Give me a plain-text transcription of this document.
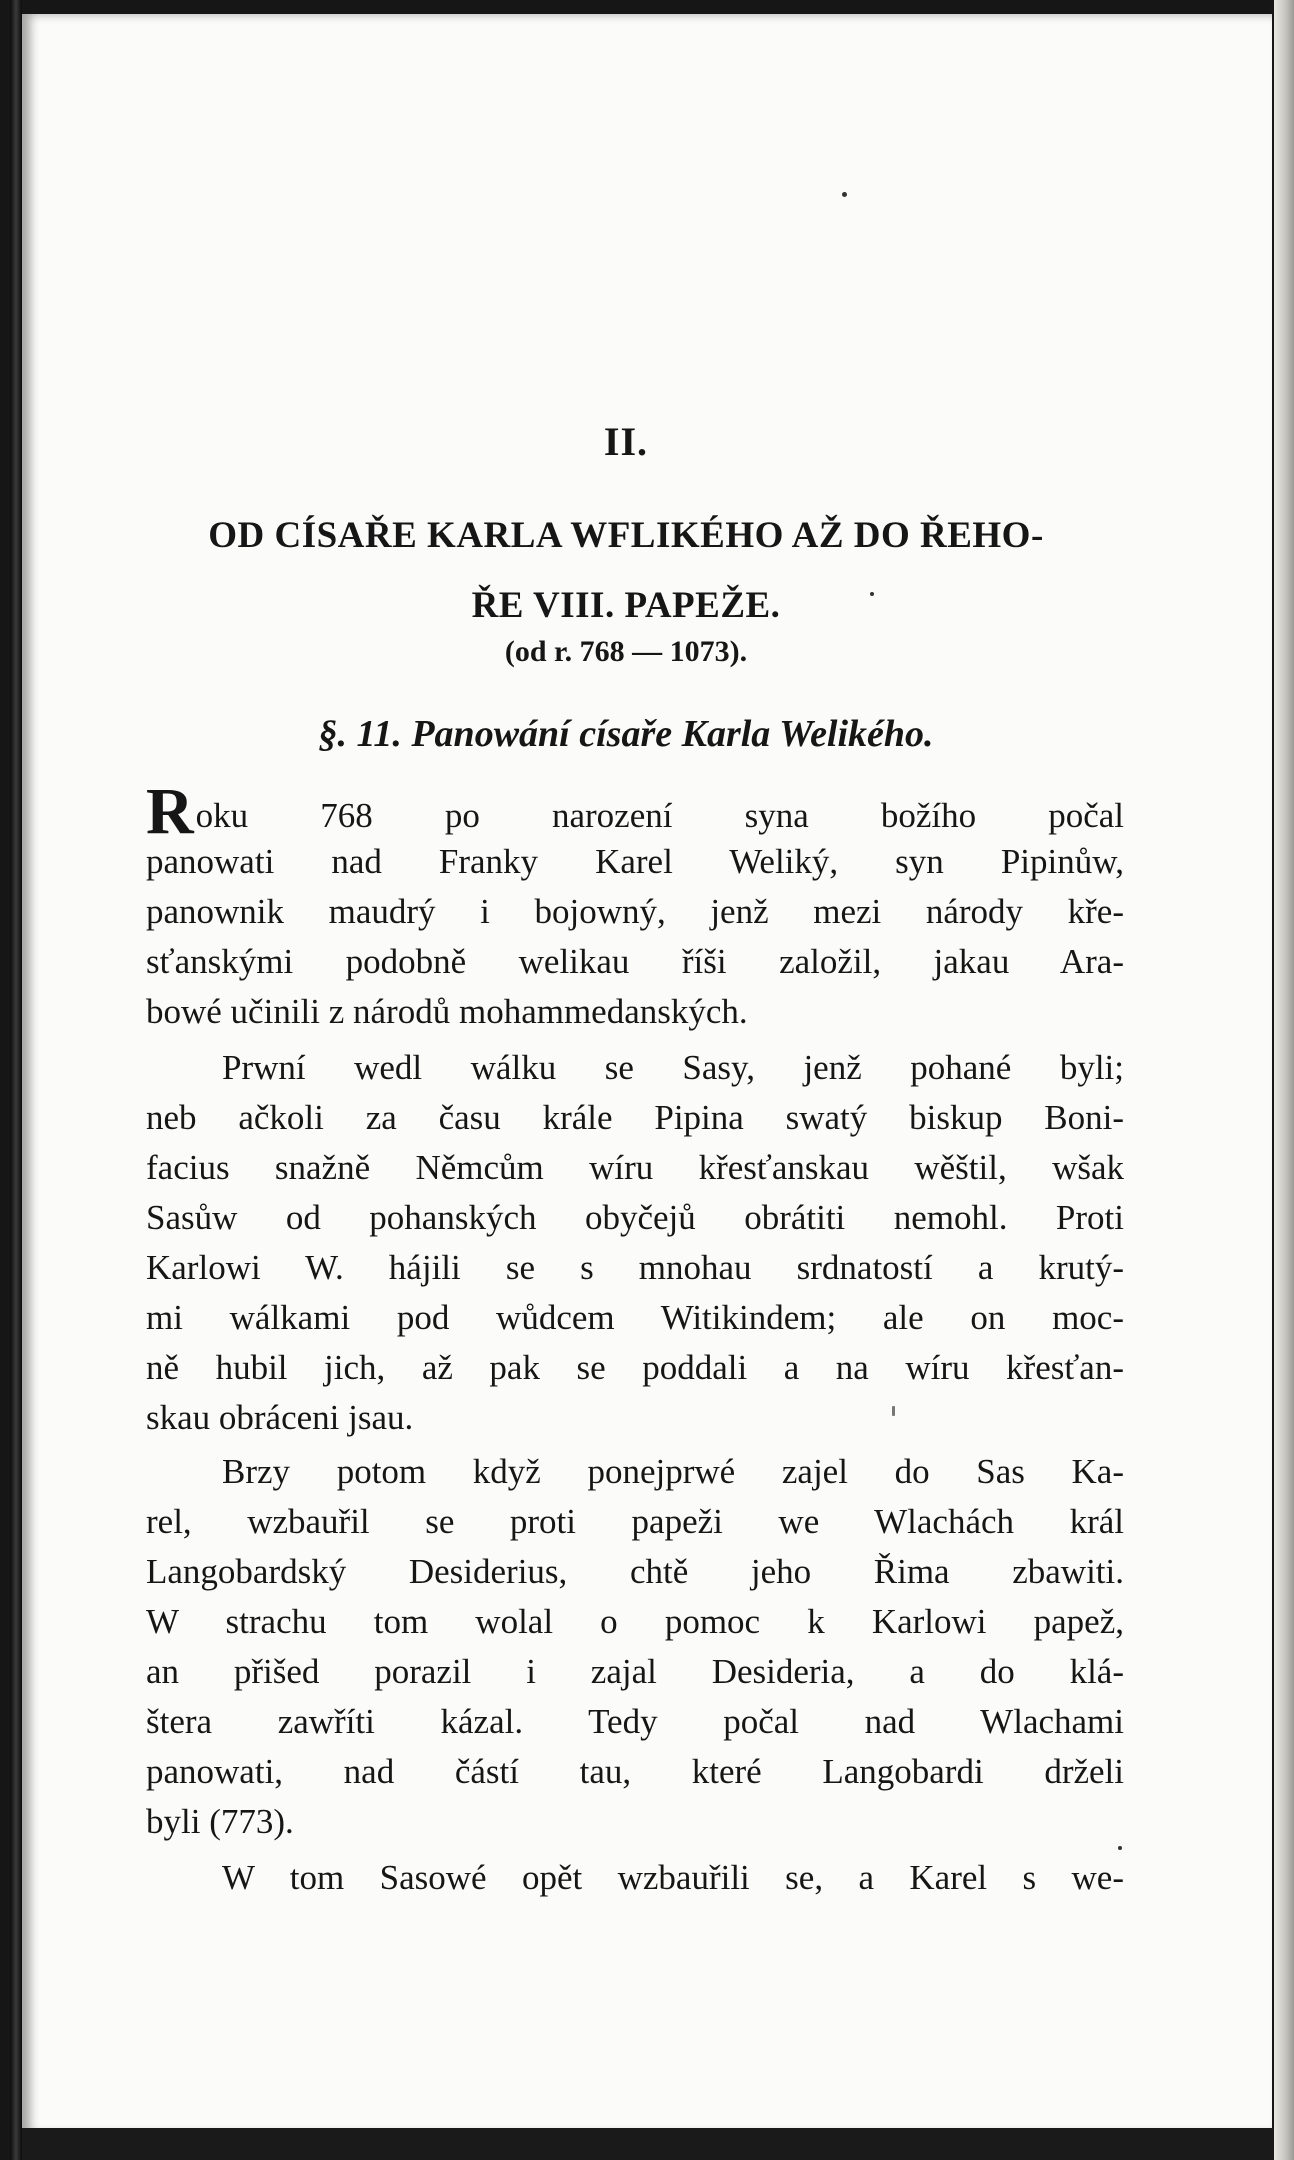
II.
OD CÍSAŘE KARLA WFLIKÉHO AŽ DO ŘEHO-
ŘE VIII. PAPEŽE.
(od r. 768 — 1073).
§. 11. Panowání císaře Karla Welikého.
Roku 768 po narození syna božího počal
panowati nad Franky Karel Weliký, syn Pipinůw,
panownik maudrý i bojowný, jenž mezi národy kře-
sťanskými podobně welikau říši založil, jakau Ara-
bowé učinili z národů mohammedanských.
Prwní wedl wálku se Sasy, jenž pohané byli;
neb ačkoli za času krále Pipina swatý biskup Boni-
facius snažně Němcům wíru křesťanskau wěštil, wšak
Sasůw od pohanských obyčejů obrátiti nemohl. Proti
Karlowi W. hájili se s mnohau srdnatostí a krutý-
mi wálkami pod wůdcem Witikindem; ale on moc-
ně hubil jich, až pak se poddali a na wíru křesťan-
skau obráceni jsau.
Brzy potom když ponejprwé zajel do Sas Ka-
rel, wzbauřil se proti papeži we Wlachách král
Langobardský Desiderius, chtě jeho Řima zbawiti.
W strachu tom wolal o pomoc k Karlowi papež,
an přišed porazil i zajal Desideria, a do klá-
štera zawříti kázal. Tedy počal nad Wlachami
panowati, nad částí tau, které Langobardi drželi
byli (773).
W tom Sasowé opět wzbauřili se, a Karel s we-
